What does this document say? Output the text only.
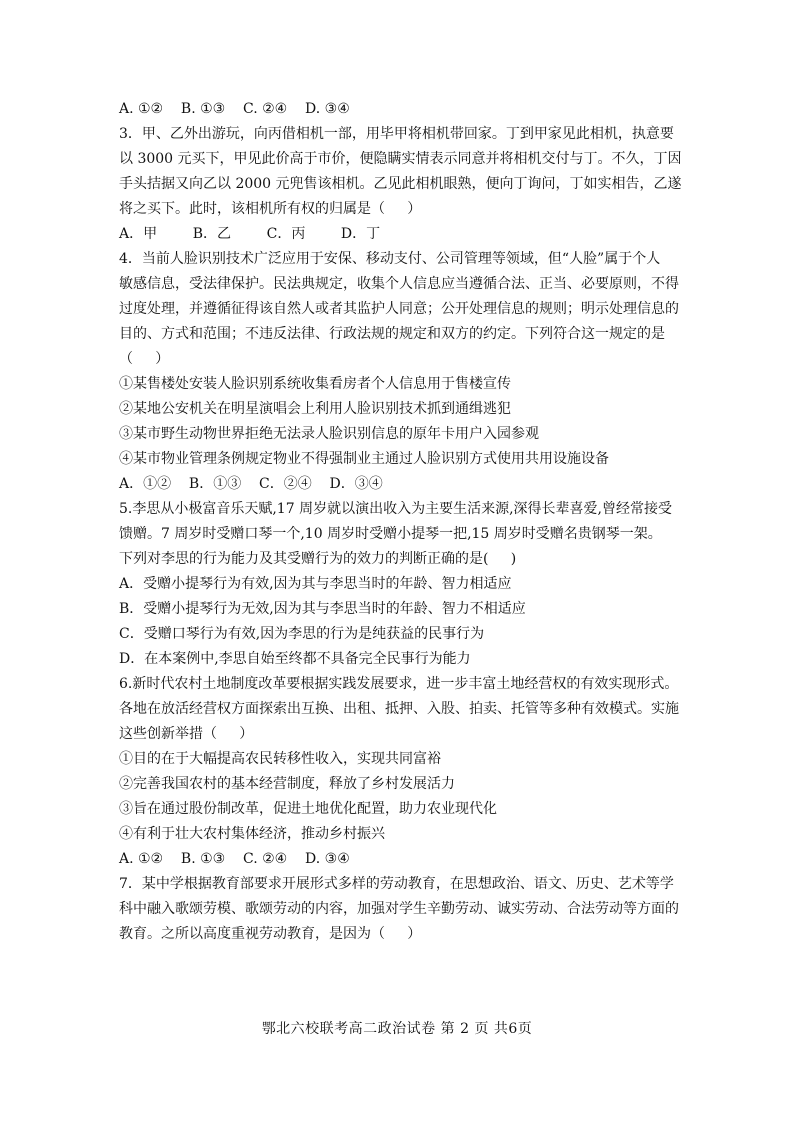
A. ①②    B. ①③    C. ②④    D. ③④
3．甲、乙外出游玩，向丙借相机一部，用毕甲将相机带回家。丁到甲家见此相机，执意要
以 3000 元买下，甲见此价高于市价，便隐瞒实情表示同意并将相机交付与丁。不久，丁因
手头拮据又向乙以 2000 元兜售该相机。乙见此相机眼熟，便向丁询问，丁如实相告，乙遂
将之买下。此时，该相机所有权的归属是（     ）
A．甲        B．乙        C．丙        D．丁
4．当前人脸识别技术广泛应用于安保、移动支付、公司管理等领域，但“人脸”属于个人
敏感信息，受法律保护。民法典规定，收集个人信息应当遵循合法、正当、必要原则，不得
过度处理，并遵循征得该自然人或者其监护人同意；公开处理信息的规则；明示处理信息的
目的、方式和范围；不违反法律、行政法规的规定和双方的约定。下列符合这一规定的是
（     ）
①某售楼处安装人脸识别系统收集看房者个人信息用于售楼宣传
②某地公安机关在明星演唱会上利用人脸识别技术抓到通缉逃犯
③某市野生动物世界拒绝无法录人脸识别信息的原年卡用户入园参观
④某市物业管理条例规定物业不得强制业主通过人脸识别方式使用共用设施设备
A．①②    B．①③    C．②④    D．③④
5.李思从小极富音乐天赋,17 周岁就以演出收入为主要生活来源,深得长辈喜爱,曾经常接受
馈赠。7 周岁时受赠口琴一个,10 周岁时受赠小提琴一把,15 周岁时受赠名贵钢琴一架。
下列对李思的行为能力及其受赠行为的效力的判断正确的是(     )
A．受赠小提琴行为有效,因为其与李思当时的年龄、智力相适应
B．受赠小提琴行为无效,因为其与李思当时的年龄、智力不相适应
C．受赠口琴行为有效,因为李思的行为是纯获益的民事行为
D．在本案例中,李思自始至终都不具备完全民事行为能力
6.新时代农村土地制度改革要根据实践发展要求，进一步丰富土地经营权的有效实现形式。
各地在放活经营权方面探索出互换、出租、抵押、入股、拍卖、托管等多种有效模式。实施
这些创新举措（     ）
①目的在于大幅提高农民转移性收入，实现共同富裕
②完善我国农村的基本经营制度，释放了乡村发展活力
③旨在通过股份制改革，促进土地优化配置，助力农业现代化
④有利于壮大农村集体经济，推动乡村振兴
A. ①②    B. ①③    C. ②④    D. ③④
7．某中学根据教育部要求开展形式多样的劳动教育，在思想政治、语文、历史、艺术等学
科中融入歌颂劳模、歌颂劳动的内容，加强对学生辛勤劳动、诚实劳动、合法劳动等方面的
教育。之所以高度重视劳动教育，是因为（     ）
鄂北六校联考高二政治试卷 第 2 页 共6页
